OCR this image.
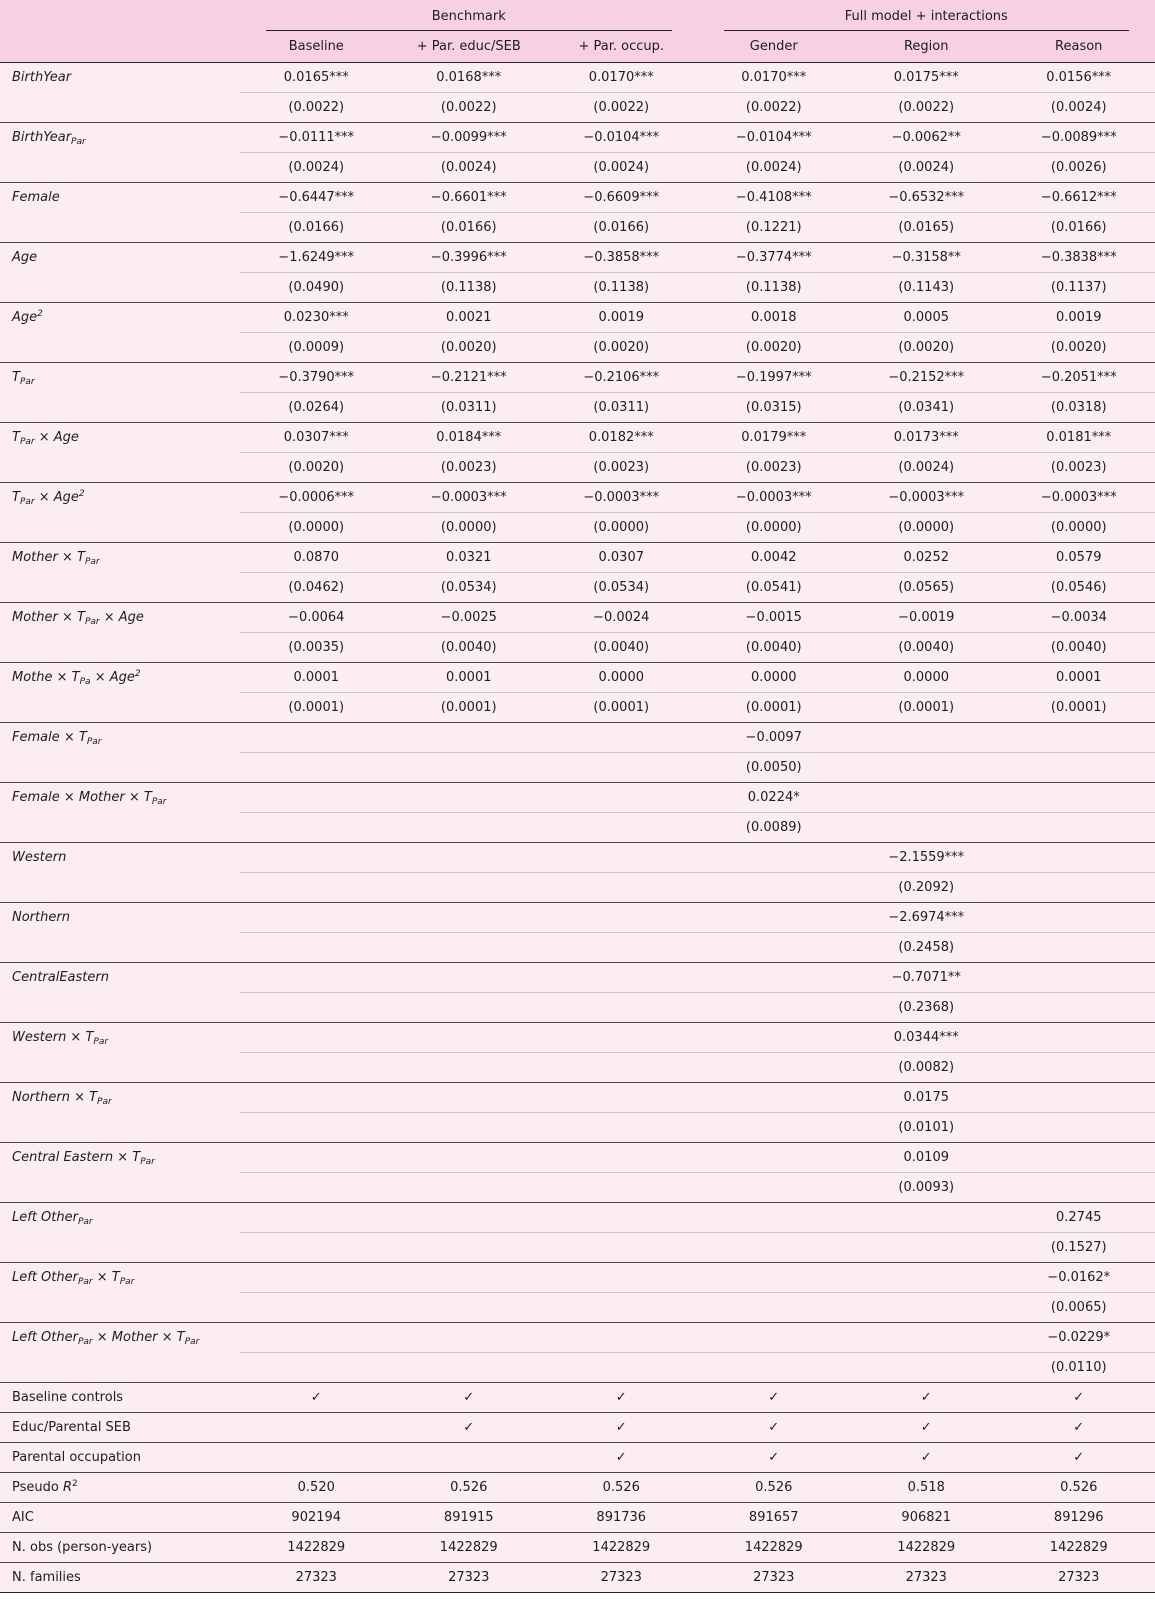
	Benchmark			Full model + interactions		

	Baseline	+ Par. educ/SEB	+ Par. occup.	Gender	Region	Reason
BirthYear	0.0165***	0.0168***	0.0170***	0.0170***	0.0175***	0.0156***
	(0.0022)	(0.0022)	(0.0022)	(0.0022)	(0.0022)	(0.0024)
BirthYear$_{Par}$	−0.0111***	−0.0099***	−0.0104***	−0.0104***	−0.0062**	−0.0089***
	(0.0024)	(0.0024)	(0.0024)	(0.0024)	(0.0024)	(0.0026)
Female	−0.6447***	−0.6601***	−0.6609***	−0.4108***	−0.6532***	−0.6612***
	(0.0166)	(0.0166)	(0.0166)	(0.1221)	(0.0165)	(0.0166)
Age	−1.6249***	−0.3996***	−0.3858***	−0.3774***	−0.3158**	−0.3838***
	(0.0490)	(0.1138)	(0.1138)	(0.1138)	(0.1143)	(0.1137)
Age$^2$	0.0230***	0.0021	0.0019	0.0018	0.0005	0.0019
	(0.0009)	(0.0020)	(0.0020)	(0.0020)	(0.0020)	(0.0020)
$T_{Par}$	−0.3790***	−0.2121***	−0.2106***	−0.1997***	−0.2152***	−0.2051***
	(0.0264)	(0.0311)	(0.0311)	(0.0315)	(0.0341)	(0.0318)
$T_{Par}$ × Age	0.0307***	0.0184***	0.0182***	0.0179***	0.0173***	0.0181***
	(0.0020)	(0.0023)	(0.0023)	(0.0023)	(0.0024)	(0.0023)
$T_{Par} \times Age^2$	−0.0006***	−0.0003***	−0.0003***	−0.0003***	−0.0003***	−0.0003***
	(0.0000)	(0.0000)	(0.0000)	(0.0000)	(0.0000)	(0.0000)
Mother × $T_{Par}$	0.0870	0.0321	0.0307	0.0042	0.0252	0.0579
	(0.0462)	(0.0534)	(0.0534)	(0.0541)	(0.0565)	(0.0546)
Mother × $T_{Par}$ × Age	−0.0064	−0.0025	−0.0024	−0.0015	−0.0019	−0.0034
	(0.0035)	(0.0040)	(0.0040)	(0.0040)	(0.0040)	(0.0040)
Mothe × $T_{Pa} \times Age^2$	0.0001	0.0001	0.0000	0.0000	0.0000	0.0001
	(0.0001)	(0.0001)	(0.0001)	(0.0001)	(0.0001)	(0.0001)
Female × $T_{Par}$				−0.0097		
				(0.0050)		
Female × Mother × $T_{Par}$				0.0224*		
				(0.0089)		
Western					−2.1559***	
					(0.2092)	
Northern					−2.6974***	
					(0.2458)	
CentralEastern					−0.7071**	
					(0.2368)	
Western × $T_{Par}$					0.0344***	
					(0.0082)	
Northern × $T_{Par}$					0.0175	
					(0.0101)	
Central Eastern × $T_{Par}$					0.0109	
					(0.0093)	
Left Other$_{Par}$						0.2745
						(0.1527)
Left Other$_{Par}$ × $T_{Par}$						−0.0162*
						(0.0065)
Left Other$_{Par}$ × Mother × $T_{Par}$						−0.0229*
						(0.0110)
Baseline controls	✓	✓	✓	✓	✓	✓
Educ/Parental SEB		✓	✓	✓	✓	✓
Parental occupation			✓	✓	✓	✓
Pseudo $R^2$	0.520	0.526	0.526	0.526	0.518	0.526
AIC	902194	891915	891736	891657	906821	891296
N. obs (person-years)	1422829	1422829	1422829	1422829	1422829	1422829
N. families	27323	27323	27323	27323	27323	27323
